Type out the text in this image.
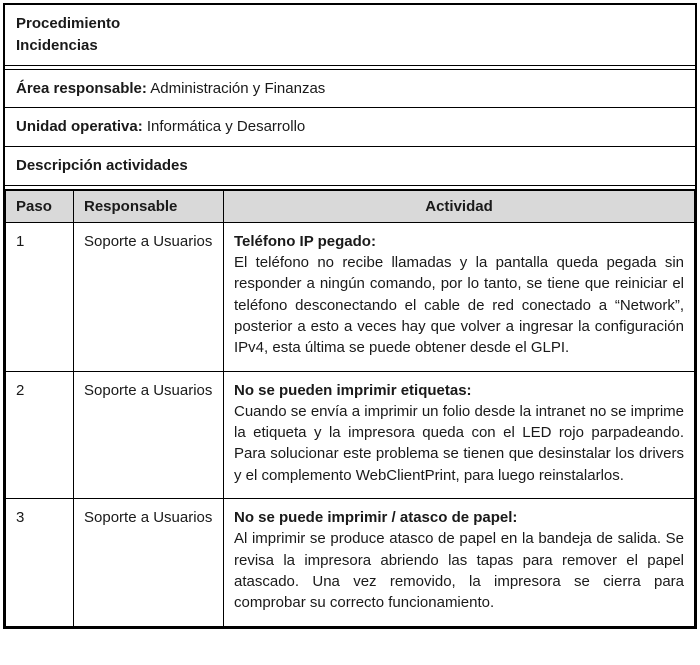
Procedimiento
Incidencias
Área responsable: Administración y Finanzas
Unidad operativa: Informática y Desarrollo
Descripción actividades
Paso	Responsable	Actividad
1	Soporte a Usuarios	Teléfono IP pegado:
El teléfono no recibe llamadas y la pantalla queda pegada sin responder a ningún comando, por lo tanto, se tiene que reiniciar el teléfono desconectando el cable de red conectado a “Network”, posterior a esto a veces hay que volver a ingresar la configuración IPv4, esta última se puede obtener desde el GLPI.

2	Soporte a Usuarios	No se pueden imprimir etiquetas:
Cuando se envía a imprimir un folio desde la intranet no se imprime la etiqueta y la impresora queda con el LED rojo parpadeando. Para solucionar este problema se tienen que desinstalar los drivers y el complemento WebClientPrint, para luego reinstalarlos.

3	Soporte a Usuarios	No se puede imprimir / atasco de papel:
Al imprimir se produce atasco de papel en la bandeja de salida. Se revisa la impresora abriendo las tapas para remover el papel atascado. Una vez removido, la impresora se cierra para comprobar su correcto funcionamiento.
